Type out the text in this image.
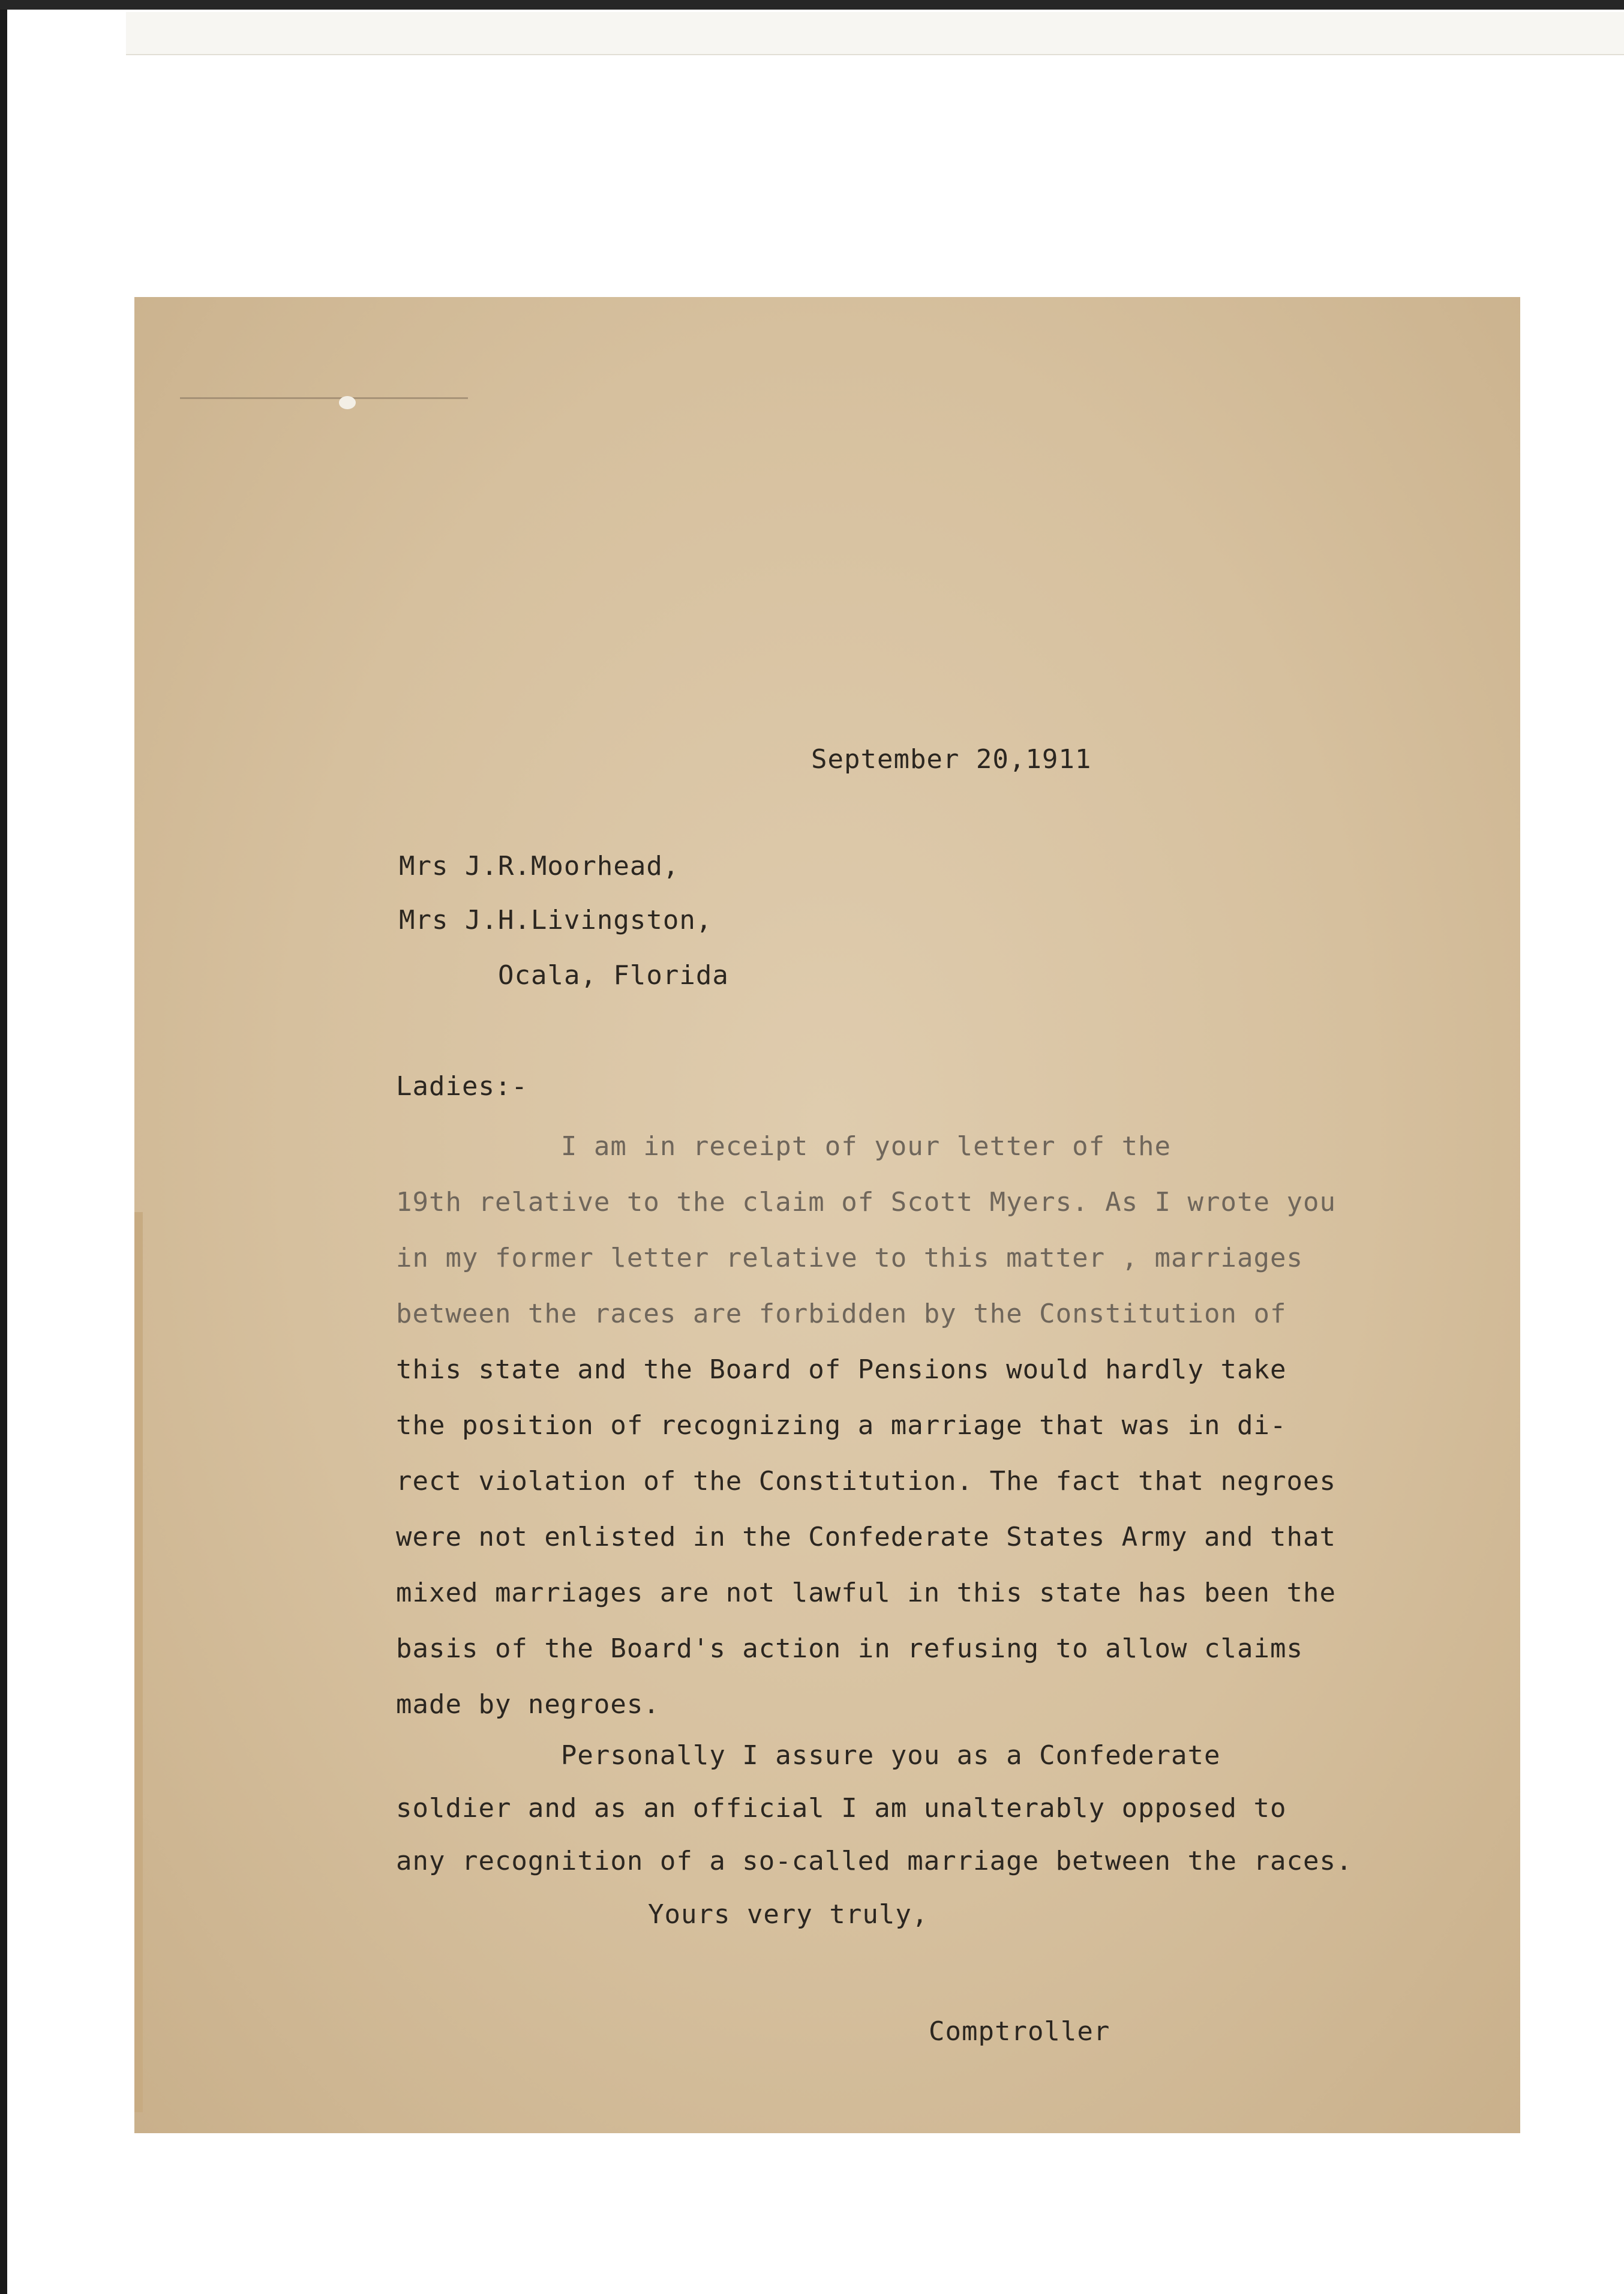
September 20,1911
Mrs J.R.Moorhead,
Mrs J.H.Livingston,
Ocala, Florida
Ladies:-
I am in receipt of your letter of the
19th relative to the claim of Scott Myers. As I wrote you
in my former letter relative to this matter , marriages
between the races are forbidden by the Constitution of
this state and the Board of Pensions would hardly take
the position of recognizing a marriage that was in di-
rect violation of the Constitution. The fact that negroes
were not enlisted in the Confederate States Army and that
mixed marriages are not lawful in this state has been the
basis of the Board's action in refusing to allow claims
made by negroes.
Personally I assure you as a Confederate
soldier and as an official I am unalterably opposed to
any recognition of a so-called marriage between the races.
Yours very truly,
Comptroller
